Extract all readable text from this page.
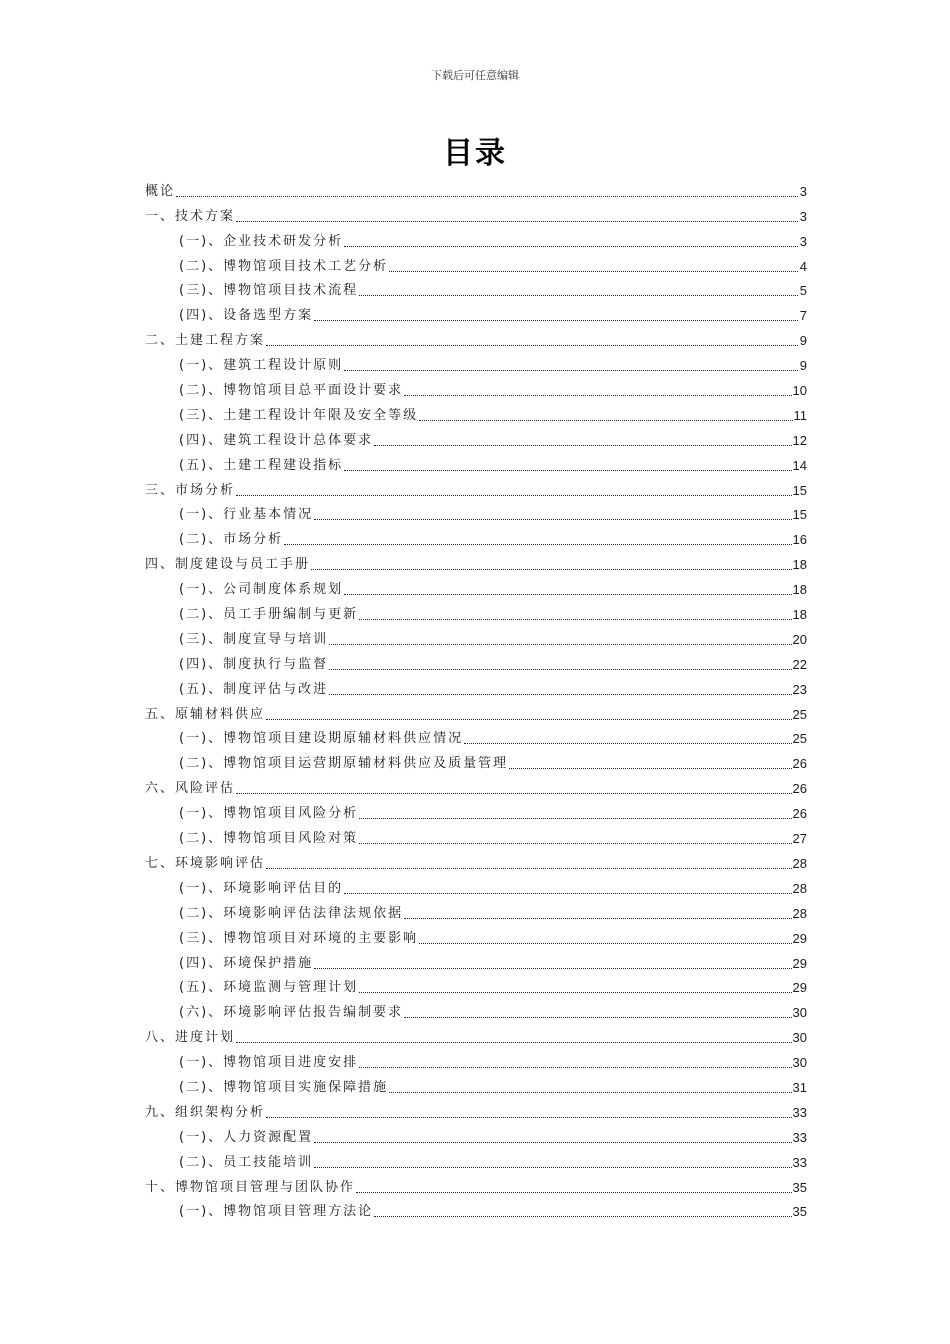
下载后可任意编辑
目录
概论	3
一、技术方案	3
(一)、企业技术研发分析	3
(二)、博物馆项目技术工艺分析	4
(三)、博物馆项目技术流程	5
(四)、设备选型方案	7
二、土建工程方案	9
(一)、建筑工程设计原则	9
(二)、博物馆项目总平面设计要求	10
(三)、土建工程设计年限及安全等级	11
(四)、建筑工程设计总体要求	12
(五)、土建工程建设指标	14
三、市场分析	15
(一)、行业基本情况	15
(二)、市场分析	16
四、制度建设与员工手册	18
(一)、公司制度体系规划	18
(二)、员工手册编制与更新	18
(三)、制度宣导与培训	20
(四)、制度执行与监督	22
(五)、制度评估与改进	23
五、原辅材料供应	25
(一)、博物馆项目建设期原辅材料供应情况	25
(二)、博物馆项目运营期原辅材料供应及质量管理	26
六、风险评估	26
(一)、博物馆项目风险分析	26
(二)、博物馆项目风险对策	27
七、环境影响评估	28
(一)、环境影响评估目的	28
(二)、环境影响评估法律法规依据	28
(三)、博物馆项目对环境的主要影响	29
(四)、环境保护措施	29
(五)、环境监测与管理计划	29
(六)、环境影响评估报告编制要求	30
八、进度计划	30
(一)、博物馆项目进度安排	30
(二)、博物馆项目实施保障措施	31
九、组织架构分析	33
(一)、人力资源配置	33
(二)、员工技能培训	33
十、博物馆项目管理与团队协作	35
(一)、博物馆项目管理方法论	35
